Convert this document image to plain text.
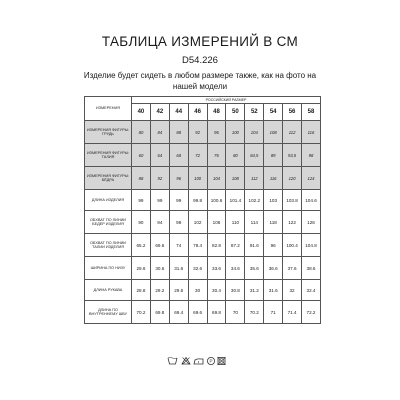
ТАБЛИЦА ИЗМЕРЕНИЙ В СМ
D54.226
Изделие будет сидеть в любом размере также, как на фото на нашей модели
ИЗМЕРЕНИЯ	РОССИЙСКИЙ РАЗМЕР									
	40	42	44	46	48	50	52	54	56	58
ИЗМЕРЕНИЯ ФИГУРЫ: ГРУДЬ	80	84	88	92	96	100	104	108	112	116
ИЗМЕРЕНИЯ ФИГУРЫ: ТАЛИЯ	60	64	68	72	76	80	84,5	89	93,5	98
ИЗМЕРЕНИЯ ФИГУРЫ: БЁДРА	88	92	96	100	104	108	112	116	120	124
ДЛИНА ИЗДЕЛИЯ	99	99	99	99.8	100.6	101.4	102.2	103	103.8	104.6
ОБХВАТ ПО ЛИНИИ БЕДЕР ИЗДЕЛИЯ	90	94	98	102	106	110	114	118	122	126
ОБХВАТ ПО ЛИНИИ ТАЛИИ ИЗДЕЛИЯ	65.2	69.6	74	78.4	82.8	87.2	91.6	96	100.4	104.8
ШИРИНА ПО НИЗУ	29.6	30.6	31.6	32.6	33.6	34.6	35.6	36.6	37.6	38.6
ДЛИНА РУКАВА	28.8	29.2	29.6	30	30.4	30.8	31.2	31.6	32	32.4
ДЛИНА ПО ВНУТРЕННЕМУ ШВУ	70.2	69.8	69.4	69.6	69.8	70	70.2	71	71.4	72.2
P
